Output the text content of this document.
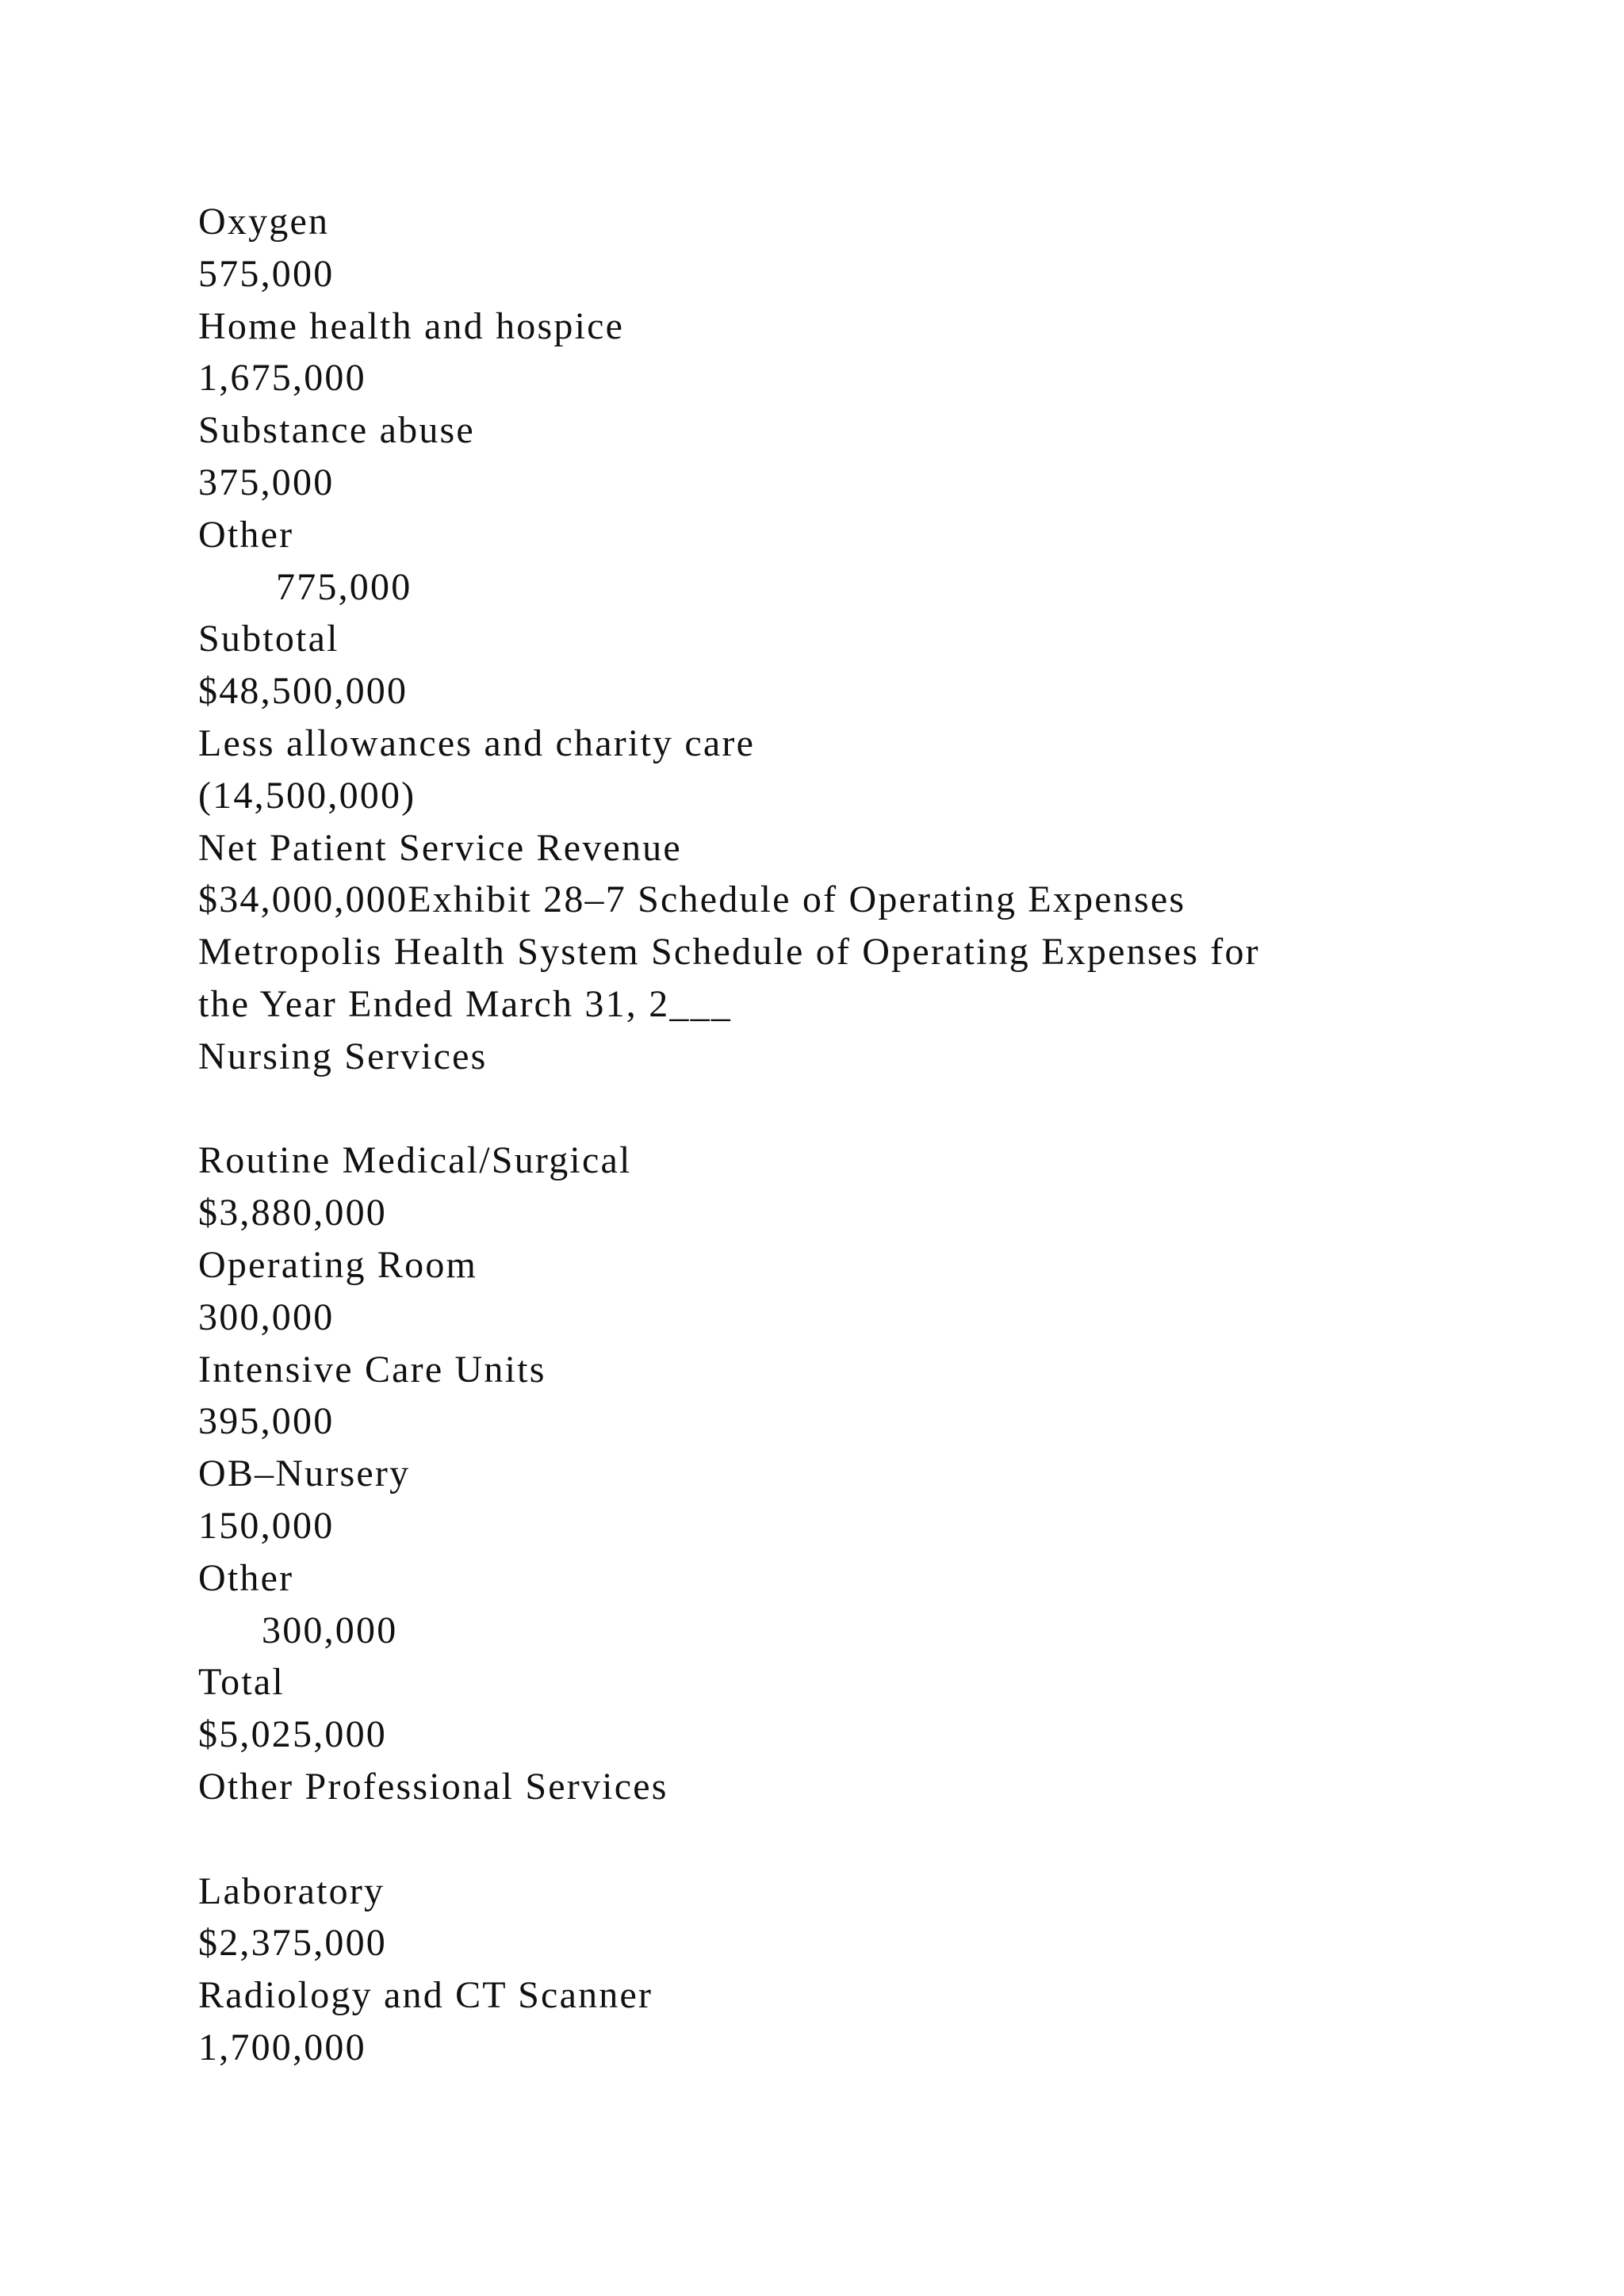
Oxygen
575,000
Home health and hospice
1,675,000
Substance abuse
375,000
Other
775,000
Subtotal
$48,500,000
Less allowances and charity care
(14,500,000)
Net Patient Service Revenue
$34,000,000Exhibit 28–7 Schedule of Operating Expenses
Metropolis Health System Schedule of Operating Expenses for
the Year Ended March 31, 2___
Nursing Services
Routine Medical/Surgical
$3,880,000
Operating Room
300,000
Intensive Care Units
395,000
OB–Nursery
150,000
Other
300,000
Total
$5,025,000
Other Professional Services
Laboratory
$2,375,000
Radiology and CT Scanner
1,700,000
